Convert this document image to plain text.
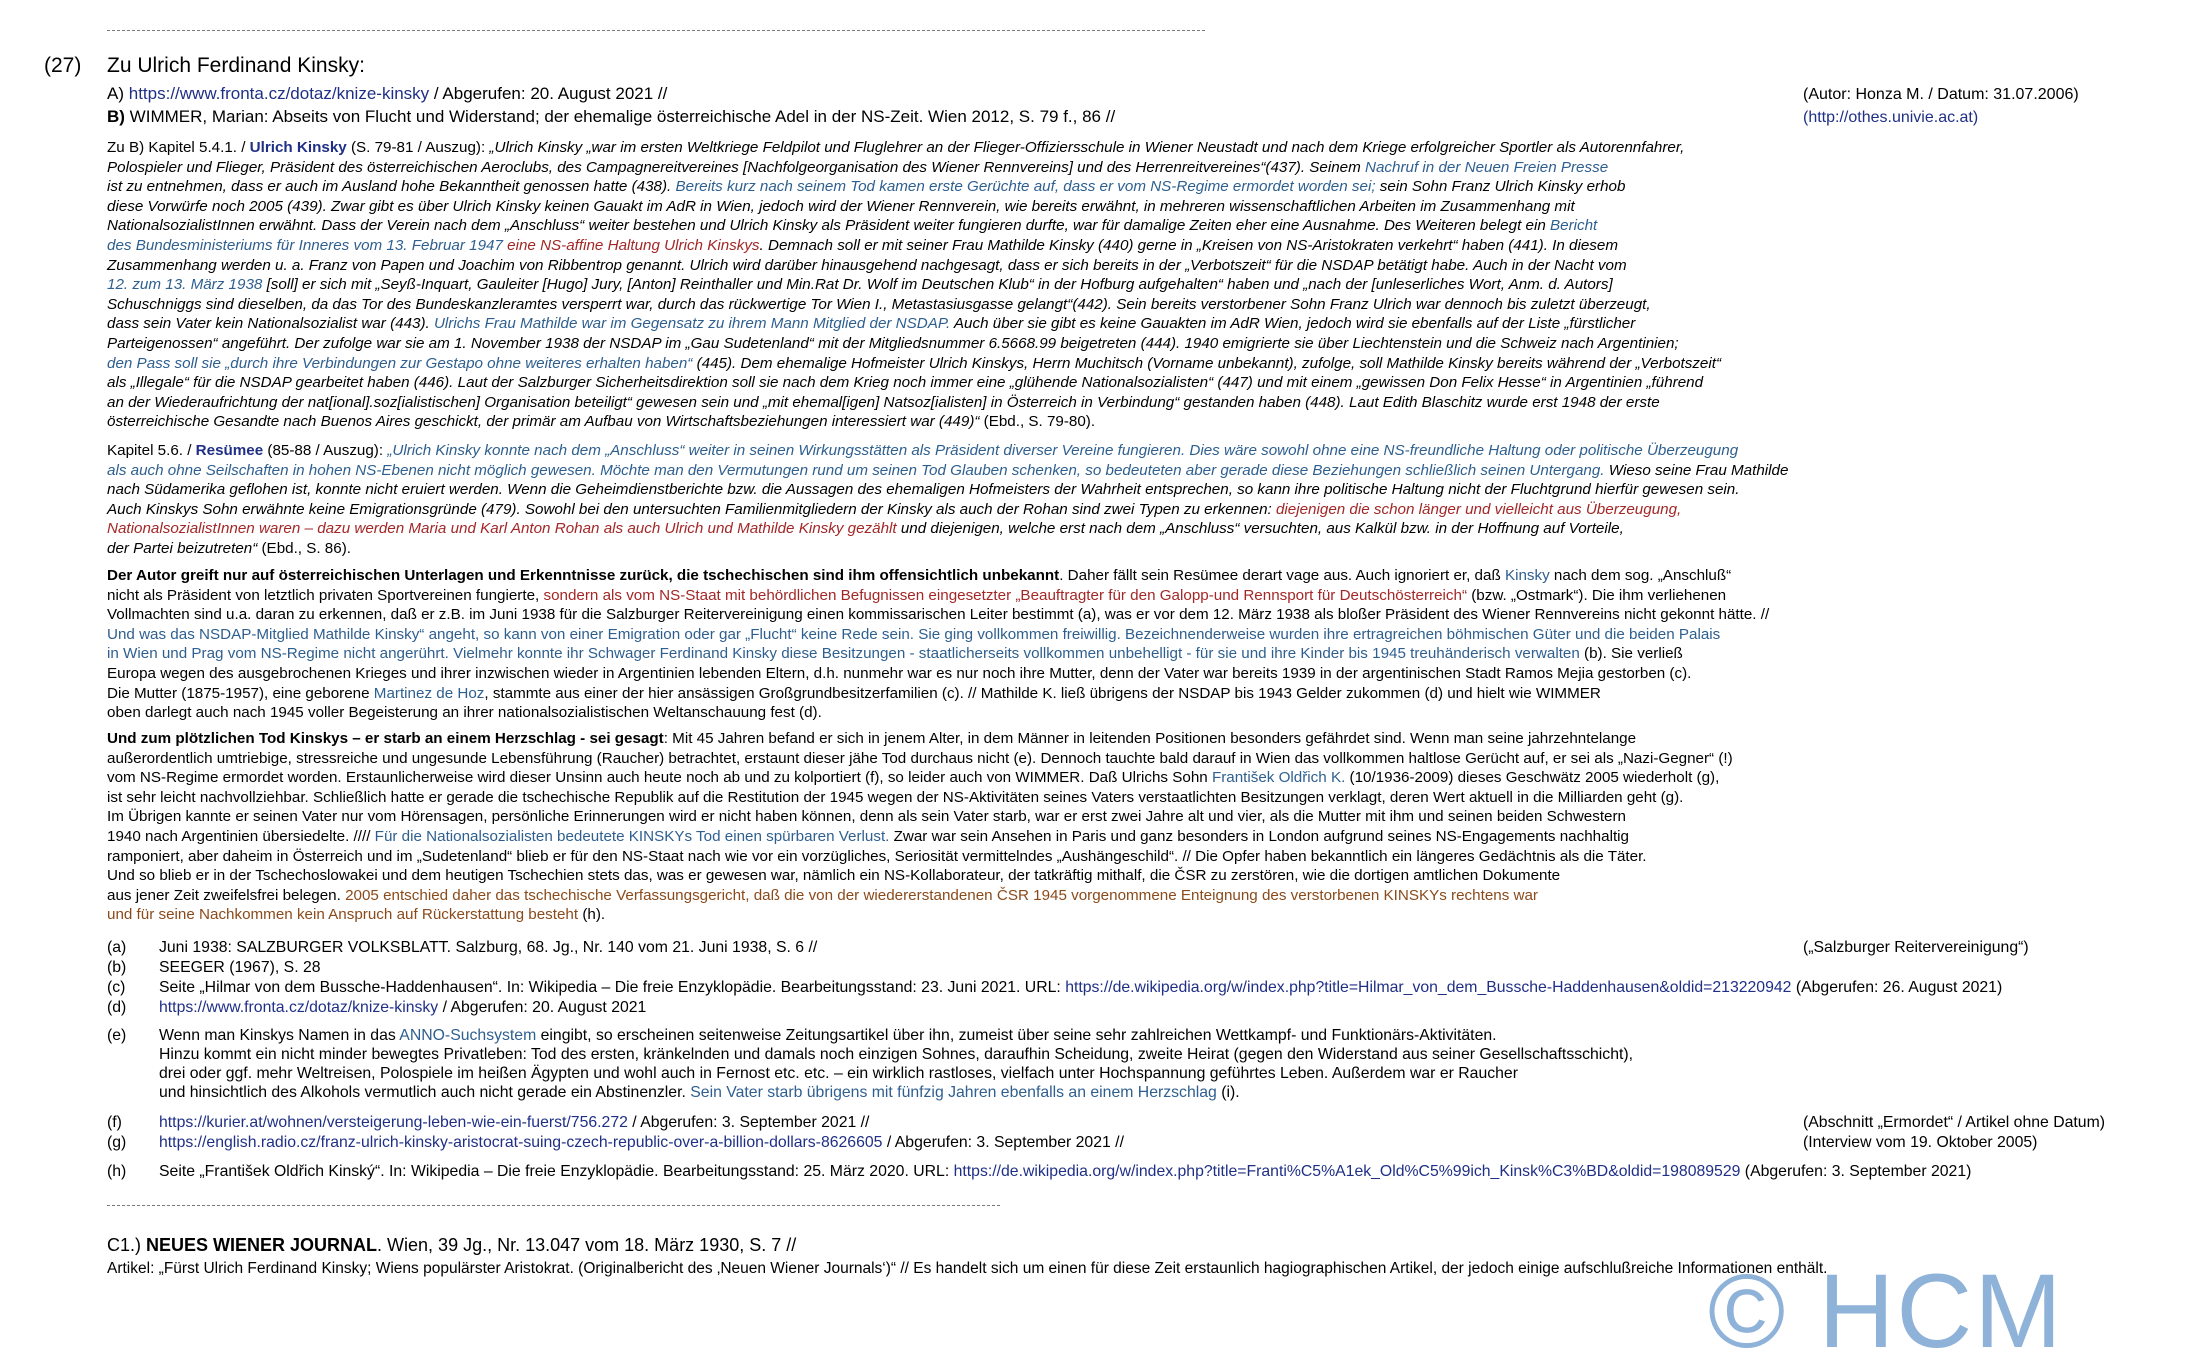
(27) Zu Ulrich Ferdinand Kinsky:
A) https://www.fronta.cz/dotaz/knize-kinsky / Abgerufen: 20. August 2021 //	(Autor: Honza M. / Datum: 31.07.2006)
B) WIMMER, Marian: Abseits von Flucht und Widerstand; der ehemalige österreichische Adel in der NS-Zeit. Wien 2012, S. 79 f., 86 //	(http://othes.univie.ac.at)
Zu B) Kapitel 5.4.1. / Ulrich Kinsky (S. 79-81 / Auszug): „Ulrich Kinsky „war im ersten Weltkriege Feldpilot und Fluglehrer an der Flieger-Offiziersschule in Wiener Neustadt und nach dem Kriege erfolgreicher Sportler als Autorennfahrer,
Polospieler und Flieger, Präsident des österreichischen Aeroclubs, des Campagnereitvereines [Nachfolgeorganisation des Wiener Rennvereins] und des Herrenreitvereines“(437). Seinem Nachruf in der Neuen Freien Presse
ist zu entnehmen, dass er auch im Ausland hohe Bekanntheit genossen hatte (438). Bereits kurz nach seinem Tod kamen erste Gerüchte auf, dass er vom NS-Regime ermordet worden sei; sein Sohn Franz Ulrich Kinsky erhob
diese Vorwürfe noch 2005 (439). Zwar gibt es über Ulrich Kinsky keinen Gauakt im AdR in Wien, jedoch wird der Wiener Rennverein, wie bereits erwähnt, in mehreren wissenschaftlichen Arbeiten im Zusammenhang mit
NationalsozialistInnen erwähnt. Dass der Verein nach dem „Anschluss“ weiter bestehen und Ulrich Kinsky als Präsident weiter fungieren durfte, war für damalige Zeiten eher eine Ausnahme. Des Weiteren belegt ein Bericht
des Bundesministeriums für Inneres vom 13. Februar 1947 eine NS-affine Haltung Ulrich Kinskys. Demnach soll er mit seiner Frau Mathilde Kinsky (440) gerne in „Kreisen von NS-Aristokraten verkehrt“ haben (441). In diesem
Zusammenhang werden u. a. Franz von Papen und Joachim von Ribbentrop genannt. Ulrich wird darüber hinausgehend nachgesagt, dass er sich bereits in der „Verbotszeit“ für die NSDAP betätigt habe. Auch in der Nacht vom
12. zum 13. März 1938 [soll] er sich mit „Seyß-Inquart, Gauleiter [Hugo] Jury, [Anton] Reinthaller und Min.Rat Dr. Wolf im Deutschen Klub“ in der Hofburg aufgehalten“ haben und „nach der [unleserliches Wort, Anm. d. Autors]
Schuschniggs sind dieselben, da das Tor des Bundeskanzleramtes versperrt war, durch das rückwertige Tor Wien I., Metastasiusgasse gelangt“(442). Sein bereits verstorbener Sohn Franz Ulrich war dennoch bis zuletzt überzeugt,
dass sein Vater kein Nationalsozialist war (443). Ulrichs Frau Mathilde war im Gegensatz zu ihrem Mann Mitglied der NSDAP. Auch über sie gibt es keine Gauakten im AdR Wien, jedoch wird sie ebenfalls auf der Liste „fürstlicher
Parteigenossen“ angeführt. Der zufolge war sie am 1. November 1938 der NSDAP im „Gau Sudetenland“ mit der Mitgliedsnummer 6.5668.99 beigetreten (444). 1940 emigrierte sie über Liechtenstein und die Schweiz nach Argentinien;
den Pass soll sie „durch ihre Verbindungen zur Gestapo ohne weiteres erhalten haben“ (445). Dem ehemalige Hofmeister Ulrich Kinskys, Herrn Muchitsch (Vorname unbekannt), zufolge, soll Mathilde Kinsky bereits während der „Verbotszeit“
als „Illegale“ für die NSDAP gearbeitet haben (446). Laut der Salzburger Sicherheitsdirektion soll sie nach dem Krieg noch immer eine „glühende Nationalsozialisten“ (447) und mit einem „gewissen Don Felix Hesse“ in Argentinien „führend
an der Wiederaufrichtung der nat[ional].soz[ialistischen] Organisation beteiligt“ gewesen sein und „mit ehemal[igen] Natsoz[ialisten] in Österreich in Verbindung“ gestanden haben (448). Laut Edith Blaschitz wurde erst 1948 der erste
österreichische Gesandte nach Buenos Aires geschickt, der primär am Aufbau von Wirtschaftsbeziehungen interessiert war (449)“ (Ebd., S. 79-80).
Kapitel 5.6. / Resümee (85-88 / Auszug): „Ulrich Kinsky konnte nach dem „Anschluss“ weiter in seinen Wirkungsstätten als Präsident diverser Vereine fungieren. Dies wäre sowohl ohne eine NS-freundliche Haltung oder politische Überzeugung
als auch ohne Seilschaften in hohen NS-Ebenen nicht möglich gewesen. Möchte man den Vermutungen rund um seinen Tod Glauben schenken, so bedeuteten aber gerade diese Beziehungen schließlich seinen Untergang. Wieso seine Frau Mathilde
nach Südamerika geflohen ist, konnte nicht eruiert werden. Wenn die Geheimdienstberichte bzw. die Aussagen des ehemaligen Hofmeisters der Wahrheit entsprechen, so kann ihre politische Haltung nicht der Fluchtgrund hierfür gewesen sein.
Auch Kinskys Sohn erwähnte keine Emigrationsgründe (479). Sowohl bei den untersuchten Familienmitgliedern der Kinsky als auch der Rohan sind zwei Typen zu erkennen: diejenigen die schon länger und vielleicht aus Überzeugung,
NationalsozialistInnen waren – dazu werden Maria und Karl Anton Rohan als auch Ulrich und Mathilde Kinsky gezählt und diejenigen, welche erst nach dem „Anschluss“ versuchten, aus Kalkül bzw. in der Hoffnung auf Vorteile,
der Partei beizutreten“ (Ebd., S. 86).
Der Autor greift nur auf österreichischen Unterlagen und Erkenntnisse zurück, die tschechischen sind ihm offensichtlich unbekannt. Daher fällt sein Resümee derart vage aus. Auch ignoriert er, daß Kinsky nach dem sog. „Anschluß“
nicht als Präsident von letztlich privaten Sportvereinen fungierte, sondern als vom NS-Staat mit behördlichen Befugnissen eingesetzter „Beauftragter für den Galopp-und Rennsport für Deutschösterreich“ (bzw. „Ostmark“). Die ihm verliehenen
Vollmachten sind u.a. daran zu erkennen, daß er z.B. im Juni 1938 für die Salzburger Reitervereinigung einen kommissarischen Leiter bestimmt (a), was er vor dem 12. März 1938 als bloßer Präsident des Wiener Rennvereins nicht gekonnt hätte. //
Und was das NSDAP-Mitglied Mathilde Kinsky“ angeht, so kann von einer Emigration oder gar „Flucht“ keine Rede sein. Sie ging vollkommen freiwillig. Bezeichnenderweise wurden ihre ertragreichen böhmischen Güter und die beiden Palais
in Wien und Prag vom NS-Regime nicht angerührt. Vielmehr konnte ihr Schwager Ferdinand Kinsky diese Besitzungen - staatlicherseits vollkommen unbehelligt - für sie und ihre Kinder bis 1945 treuhänderisch verwalten (b). Sie verließ
Europa wegen des ausgebrochenen Krieges und ihrer inzwischen wieder in Argentinien lebenden Eltern, d.h. nunmehr war es nur noch ihre Mutter, denn der Vater war bereits 1939 in der argentinischen Stadt Ramos Mejia gestorben (c).
Die Mutter (1875-1957), eine geborene Martinez de Hoz, stammte aus einer der hier ansässigen Großgrundbesitzerfamilien (c). // Mathilde K. ließ übrigens der NSDAP bis 1943 Gelder zukommen (d) und hielt wie WIMMER
oben darlegt auch nach 1945 voller Begeisterung an ihrer nationalsozialistischen Weltanschauung fest (d).
Und zum plötzlichen Tod Kinskys – er starb an einem Herzschlag - sei gesagt: Mit 45 Jahren befand er sich in jenem Alter, in dem Männer in leitenden Positionen besonders gefährdet sind. Wenn man seine jahrzehntelange
außerordentlich umtriebige, stressreiche und ungesunde Lebensführung (Raucher) betrachtet, erstaunt dieser jähe Tod durchaus nicht (e). Dennoch tauchte bald darauf in Wien das vollkommen haltlose Gerücht auf, er sei als „Nazi-Gegner“ (!)
vom NS-Regime ermordet worden. Erstaunlicherweise wird dieser Unsinn auch heute noch ab und zu kolportiert (f), so leider auch von WIMMER. Daß Ulrichs Sohn František Oldřich K. (10/1936-2009) dieses Geschwätz 2005 wiederholt (g),
ist sehr leicht nachvollziehbar. Schließlich hatte er gerade die tschechische Republik auf die Restitution der 1945 wegen der NS-Aktivitäten seines Vaters verstaatlichten Besitzungen verklagt, deren Wert aktuell in die Milliarden geht (g).
Im Übrigen kannte er seinen Vater nur vom Hörensagen, persönliche Erinnerungen wird er nicht haben können, denn als sein Vater starb, war er erst zwei Jahre alt und vier, als die Mutter mit ihm und seinen beiden Schwestern
1940 nach Argentinien übersiedelte. //// Für die Nationalsozialisten bedeutete KINSKYs Tod einen spürbaren Verlust. Zwar war sein Ansehen in Paris und ganz besonders in London aufgrund seines NS-Engagements nachhaltig
ramponiert, aber daheim in Österreich und im „Sudetenland“ blieb er für den NS-Staat nach wie vor ein vorzügliches, Seriosität vermittelndes „Aushängeschild“. // Die Opfer haben bekanntlich ein längeres Gedächtnis als die Täter.
Und so blieb er in der Tschechoslowakei und dem heutigen Tschechien stets das, was er gewesen war, nämlich ein NS-Kollaborateur, der tatkräftig mithalf, die ČSR zu zerstören, wie die dortigen amtlichen Dokumente
aus jener Zeit zweifelsfrei belegen. 2005 entschied daher das tschechische Verfassungsgericht, daß die von der wiedererstandenen ČSR 1945 vorgenommene Enteignung des verstorbenen KINSKYs rechtens war
und für seine Nachkommen kein Anspruch auf Rückerstattung besteht (h).
(a) Juni 1938: SALZBURGER VOLKSBLATT. Salzburg, 68. Jg., Nr. 140 vom 21. Juni 1938, S. 6 //	(„Salzburger Reitervereinigung“)
(b) SEEGER (1967), S. 28
(c) Seite „Hilmar von dem Bussche-Haddenhausen“. In: Wikipedia – Die freie Enzyklopädie. Bearbeitungsstand: 23. Juni 2021. URL: https://de.wikipedia.org/w/index.php?title=Hilmar_von_dem_Bussche-Haddenhausen&oldid=213220942 (Abgerufen: 26. August 2021)
(d) https://www.fronta.cz/dotaz/knize-kinsky / Abgerufen: 20. August 2021
(e) Wenn man Kinskys Namen in das ANNO-Suchsystem eingibt, so erscheinen seitenweise Zeitungsartikel über ihn, zumeist über seine sehr zahlreichen Wettkampf- und Funktionärs-Aktivitäten.
Hinzu kommt ein nicht minder bewegtes Privatleben: Tod des ersten, kränkelnden und damals noch einzigen Sohnes, daraufhin Scheidung, zweite Heirat (gegen den Widerstand aus seiner Gesellschaftsschicht),
drei oder ggf. mehr Weltreisen, Polospiele im heißen Ägypten und wohl auch in Fernost etc. etc. – ein wirklich rastloses, vielfach unter Hochspannung geführtes Leben. Außerdem war er Raucher
und hinsichtlich des Alkohols vermutlich auch nicht gerade ein Abstinenzler. Sein Vater starb übrigens mit fünfzig Jahren ebenfalls an einem Herzschlag (i).
(f) https://kurier.at/wohnen/versteigerung-leben-wie-ein-fuerst/756.272 / Abgerufen: 3. September 2021 //	(Abschnitt „Ermordet“ / Artikel ohne Datum)
(g) https://english.radio.cz/franz-ulrich-kinsky-aristocrat-suing-czech-republic-over-a-billion-dollars-8626605 / Abgerufen: 3. September 2021 //	(Interview vom 19. Oktober 2005)
(h) Seite „František Oldřich Kinský“. In: Wikipedia – Die freie Enzyklopädie. Bearbeitungsstand: 25. März 2020. URL: https://de.wikipedia.org/w/index.php?title=Franti%C5%A1ek_Old%C5%99ich_Kinsk%C3%BD&oldid=198089529 (Abgerufen: 3. September 2021)
C1.) NEUES WIENER JOURNAL. Wien, 39 Jg., Nr. 13.047 vom 18. März 1930, S. 7 //
Artikel: „Fürst Ulrich Ferdinand Kinsky; Wiens populärster Aristokrat. (Originalbericht des ‚Neuen Wiener Journals‘)“ // Es handelt sich um einen für diese Zeit erstaunlich hagiographischen Artikel, der jedoch einige aufschlußreiche Informationen enthält.
© HCM
